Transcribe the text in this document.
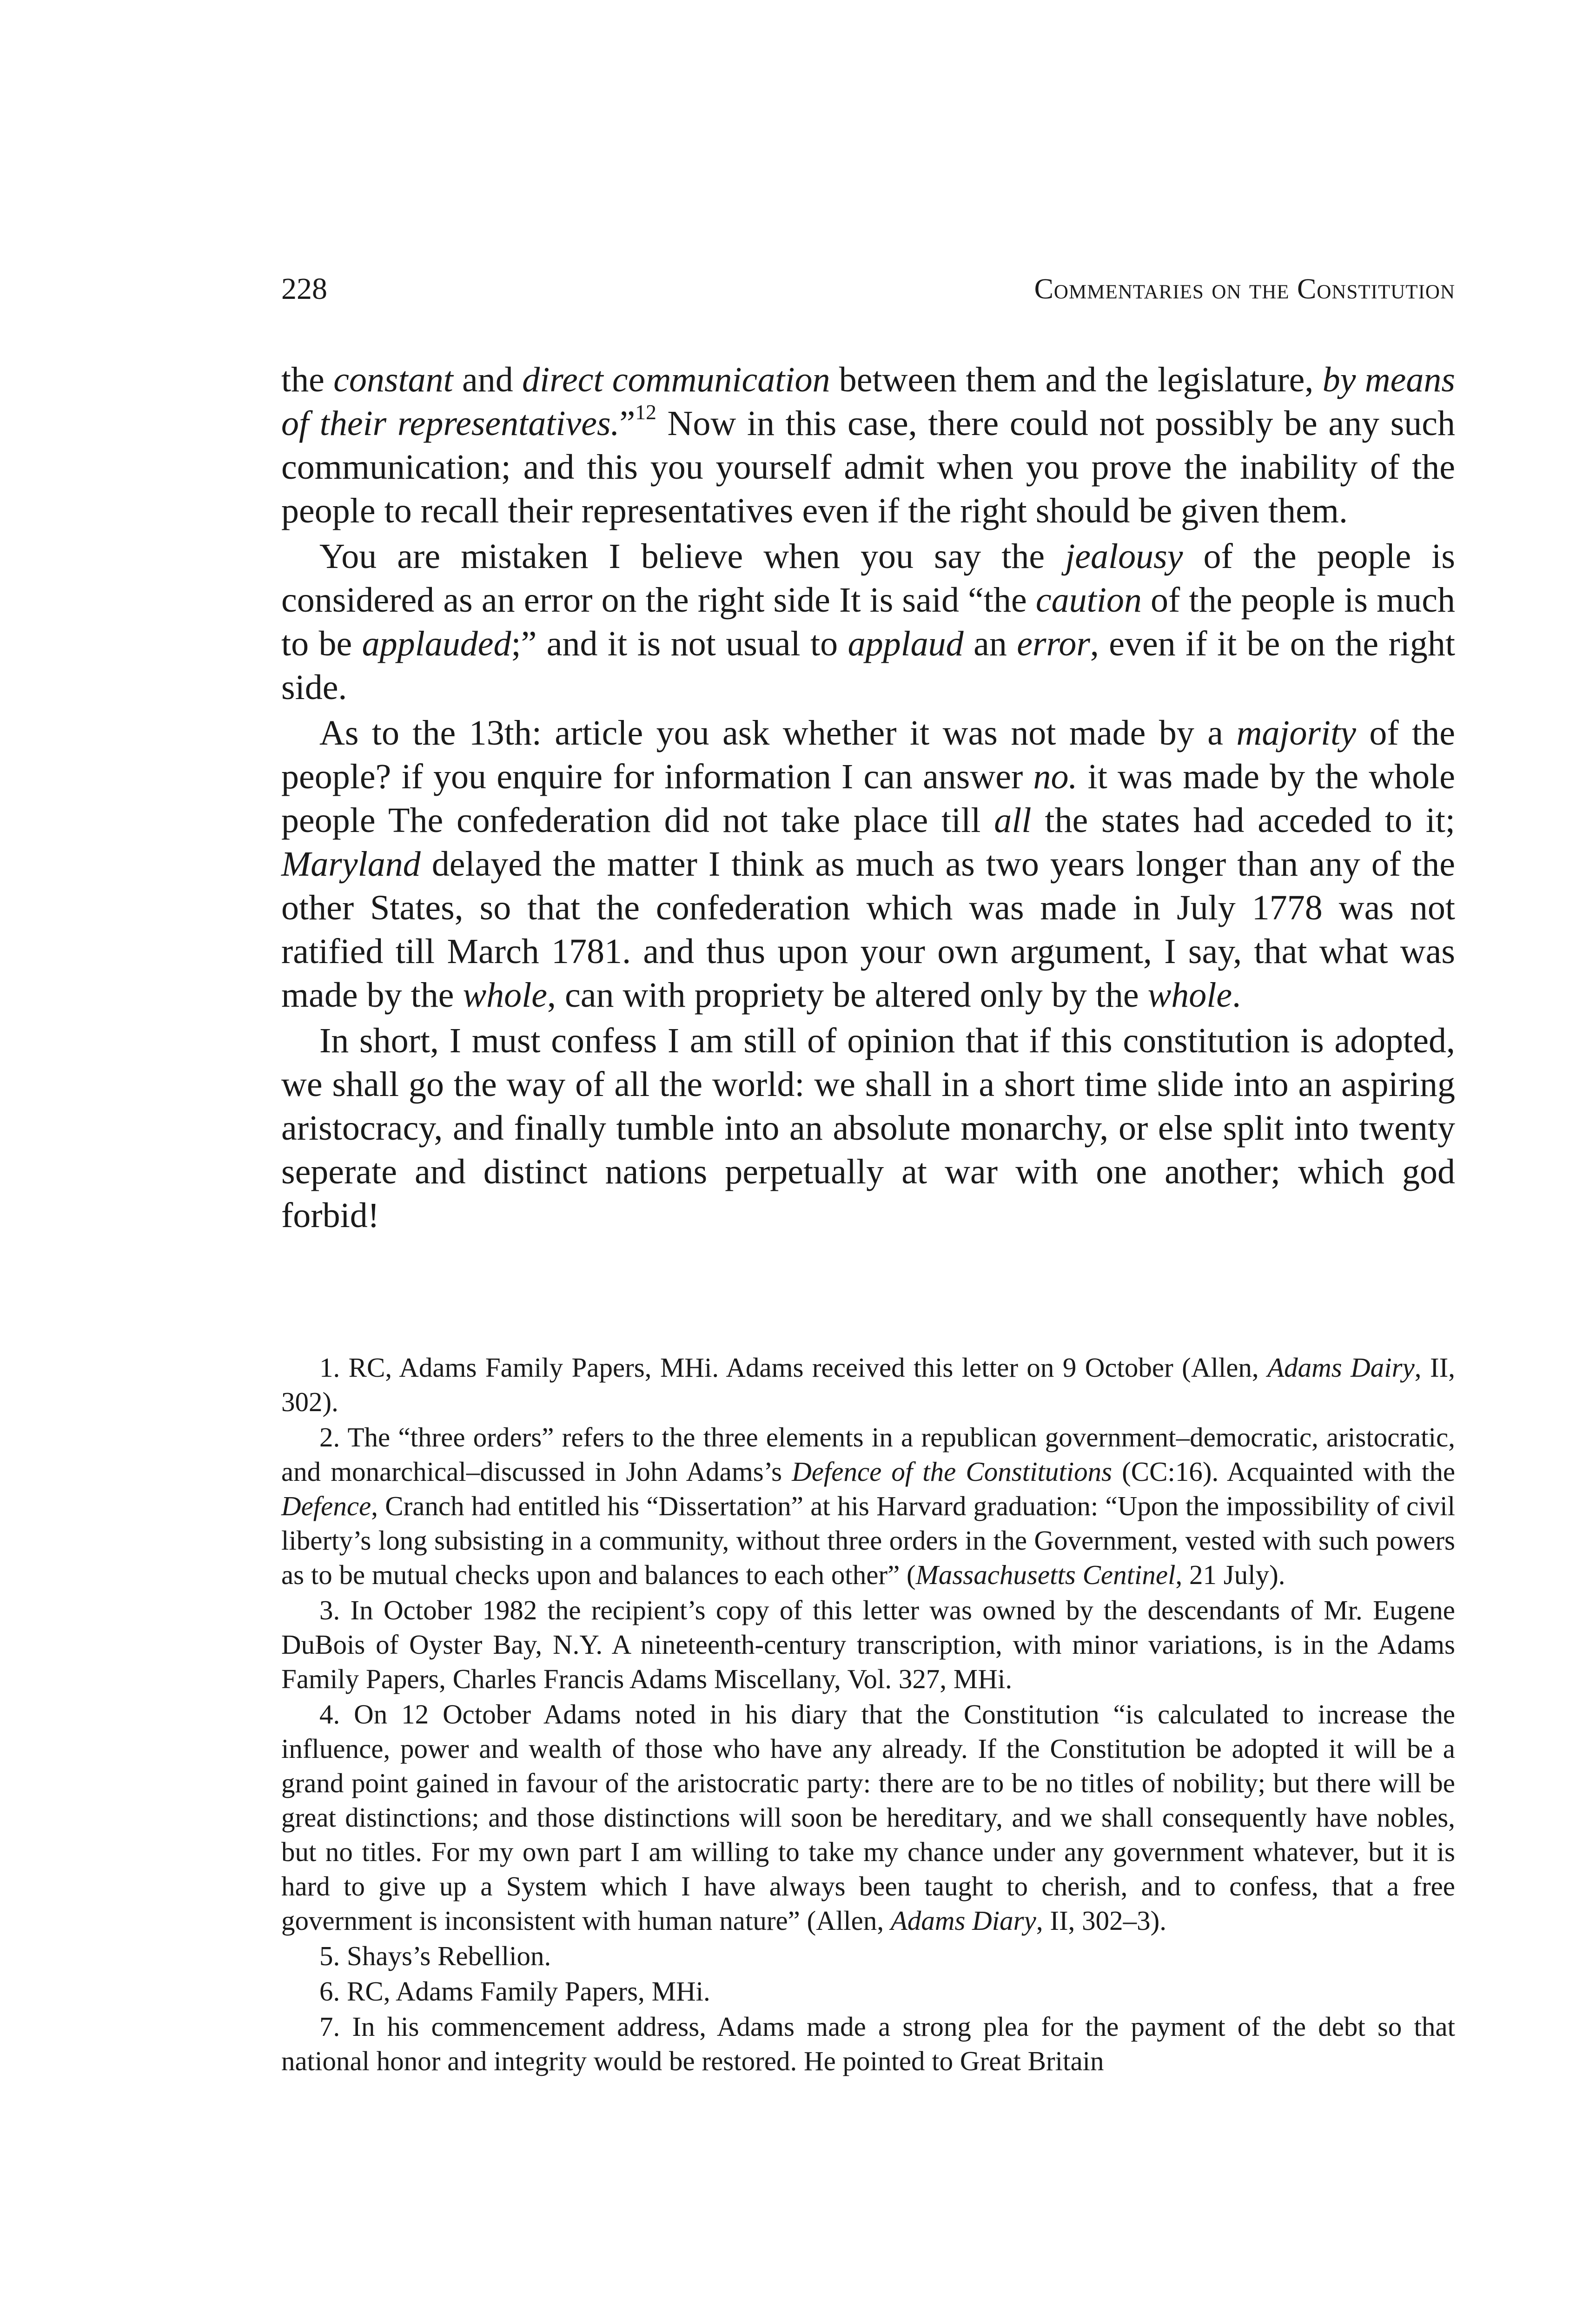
228	Commentaries on the Constitution

the constant and direct communication between them and the legislature, by means of their representatives.”$^{12}$ Now in this case, there could not possibly be any such communication; and this you yourself admit when you prove the inability of the people to recall their representatives even if the right should be given them.

You are mistaken I believe when you say the jealousy of the people is considered as an error on the right side It is said “the caution of the people is much to be applauded;” and it is not usual to applaud an error, even if it be on the right side.

As to the 13th: article you ask whether it was not made by a majority of the people? if you enquire for information I can answer no. it was made by the whole people The confederation did not take place till all the states had acceded to it; Maryland delayed the matter I think as much as two years longer than any of the other States, so that the confederation which was made in July 1778 was not ratified till March 1781. and thus upon your own argument, I say, that what was made by the whole, can with propriety be altered only by the whole.

In short, I must confess I am still of opinion that if this constitution is adopted, we shall go the way of all the world: we shall in a short time slide into an aspiring aristocracy, and finally tumble into an absolute monarchy, or else split into twenty seperate and distinct nations perpetually at war with one another; which god forbid!

1. RC, Adams Family Papers, MHi. Adams received this letter on 9 October (Allen, Adams Dairy, II, 302).

2. The “three orders” refers to the three elements in a republican government–democratic, aristocratic, and monarchical–discussed in John Adams’s Defence of the Constitutions (CC:16). Acquainted with the Defence, Cranch had entitled his “Dissertation” at his Harvard graduation: “Upon the impossibility of civil liberty’s long subsisting in a community, without three orders in the Government, vested with such powers as to be mutual checks upon and balances to each other” (Massachusetts Centinel, 21 July).

3. In October 1982 the recipient’s copy of this letter was owned by the descendants of Mr. Eugene DuBois of Oyster Bay, N.Y. A nineteenth-century transcription, with minor variations, is in the Adams Family Papers, Charles Francis Adams Miscellany, Vol. 327, MHi.

4. On 12 October Adams noted in his diary that the Constitution “is calculated to increase the influence, power and wealth of those who have any already. If the Constitution be adopted it will be a grand point gained in favour of the aristocratic party: there are to be no titles of nobility; but there will be great distinctions; and those distinctions will soon be hereditary, and we shall consequently have nobles, but no titles. For my own part I am willing to take my chance under any government whatever, but it is hard to give up a System which I have always been taught to cherish, and to confess, that a free government is inconsistent with human nature” (Allen, Adams Diary, II, 302–3).

5. Shays’s Rebellion.

6. RC, Adams Family Papers, MHi.

7. In his commencement address, Adams made a strong plea for the payment of the debt so that national honor and integrity would be restored. He pointed to Great Britain
